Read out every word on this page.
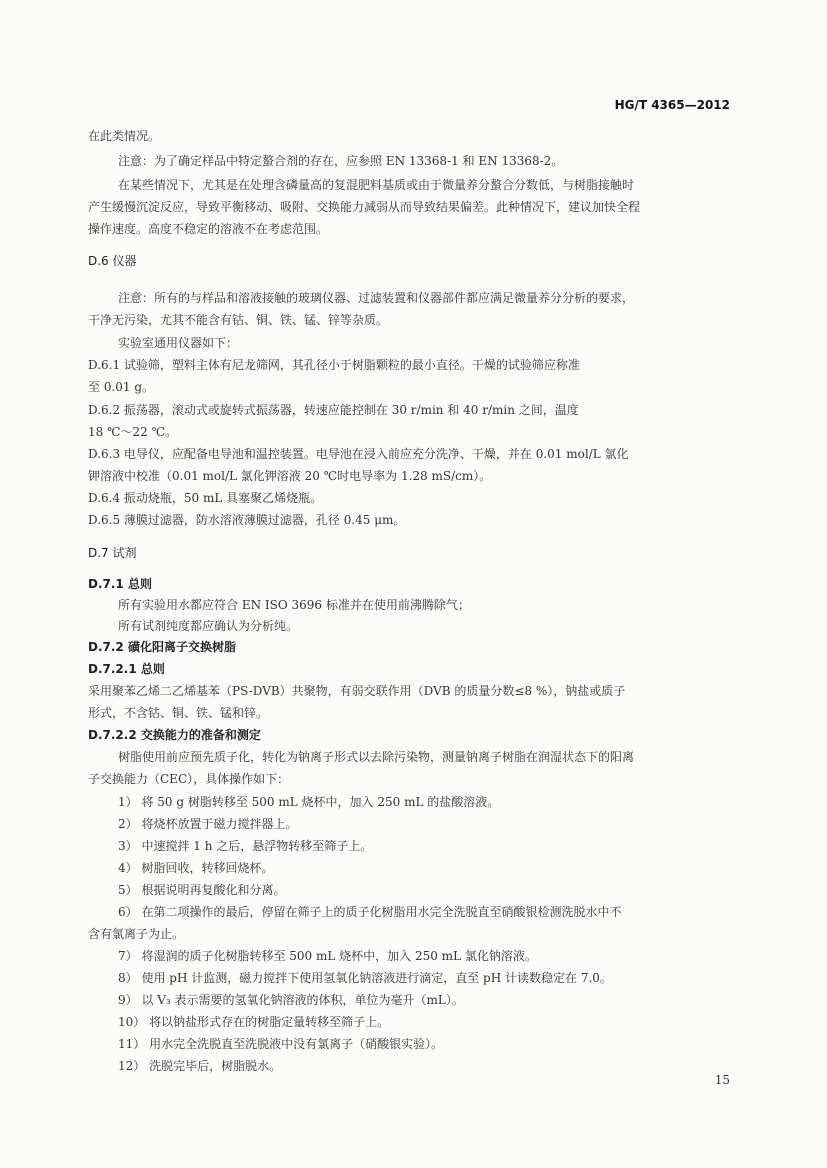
HG/T 4365—2012
在此类情况。
注意：为了确定样品中特定螯合剂的存在，应参照 EN 13368-1 和 EN 13368-2。
在某些情况下，尤其是在处理含磷量高的复混肥料基质或由于微量养分螯合分数低，与树脂接触时
产生缓慢沉淀反应，导致平衡移动、吸附、交换能力减弱从而导致结果偏差。此种情况下，建议加快全程
操作速度。高度不稳定的溶液不在考虑范围。
D.6 仪器
注意：所有的与样品和溶液接触的玻璃仪器、过滤装置和仪器部件都应满足微量养分分析的要求，
干净无污染，尤其不能含有钴、铜、铁、锰、锌等杂质。
实验室通用仪器如下：
D.6.1 试验筛，塑料主体有尼龙筛网，其孔径小于树脂颗粒的最小直径。干燥的试验筛应称准
至 0.01 g。
D.6.2 振荡器，滚动式或旋转式振荡器，转速应能控制在 30 r/min 和 40 r/min 之间，温度
18 ℃～22 ℃。
D.6.3 电导仪，应配备电导池和温控装置。电导池在浸入前应充分洗净、干燥，并在 0.01 mol/L 氯化
钾溶液中校准（0.01 mol/L 氯化钾溶液 20 ℃时电导率为 1.28 mS/cm）。
D.6.4 振动烧瓶，50 mL 具塞聚乙烯烧瓶。
D.6.5 薄膜过滤器，防水溶液薄膜过滤器，孔径 0.45 μm。
D.7 试剂
D.7.1 总则
所有实验用水都应符合 EN ISO 3696 标准并在使用前沸腾除气；
所有试剂纯度都应确认为分析纯。
D.7.2 磺化阳离子交换树脂
D.7.2.1 总则
采用聚苯乙烯二乙烯基苯（PS-DVB）共聚物，有弱交联作用（DVB 的质量分数≤8 %），钠盐或质子
形式，不含钴、铜、铁、锰和锌。
D.7.2.2 交换能力的准备和测定
树脂使用前应预先质子化，转化为钠离子形式以去除污染物，测量钠离子树脂在润湿状态下的阳离
子交换能力（CEC），具体操作如下：
1） 将 50 g 树脂转移至 500 mL 烧杯中，加入 250 mL 的盐酸溶液。
2） 将烧杯放置于磁力搅拌器上。
3） 中速搅拌 1 h 之后，悬浮物转移至筛子上。
4） 树脂回收，转移回烧杯。
5） 根据说明再复酸化和分离。
6） 在第二项操作的最后，停留在筛子上的质子化树脂用水完全洗脱直至硝酸银检测洗脱水中不
含有氯离子为止。
7） 将湿润的质子化树脂转移至 500 mL 烧杯中，加入 250 mL 氯化钠溶液。
8） 使用 pH 计监测，磁力搅拌下使用氢氧化钠溶液进行滴定，直至 pH 计读数稳定在 7.0。
9） 以 V₃ 表示需要的氢氧化钠溶液的体积，单位为毫升（mL）。
10） 将以钠盐形式存在的树脂定量转移至筛子上。
11） 用水完全洗脱直至洗脱液中没有氯离子（硝酸银实验）。
12） 洗脱完毕后，树脂脱水。
15
